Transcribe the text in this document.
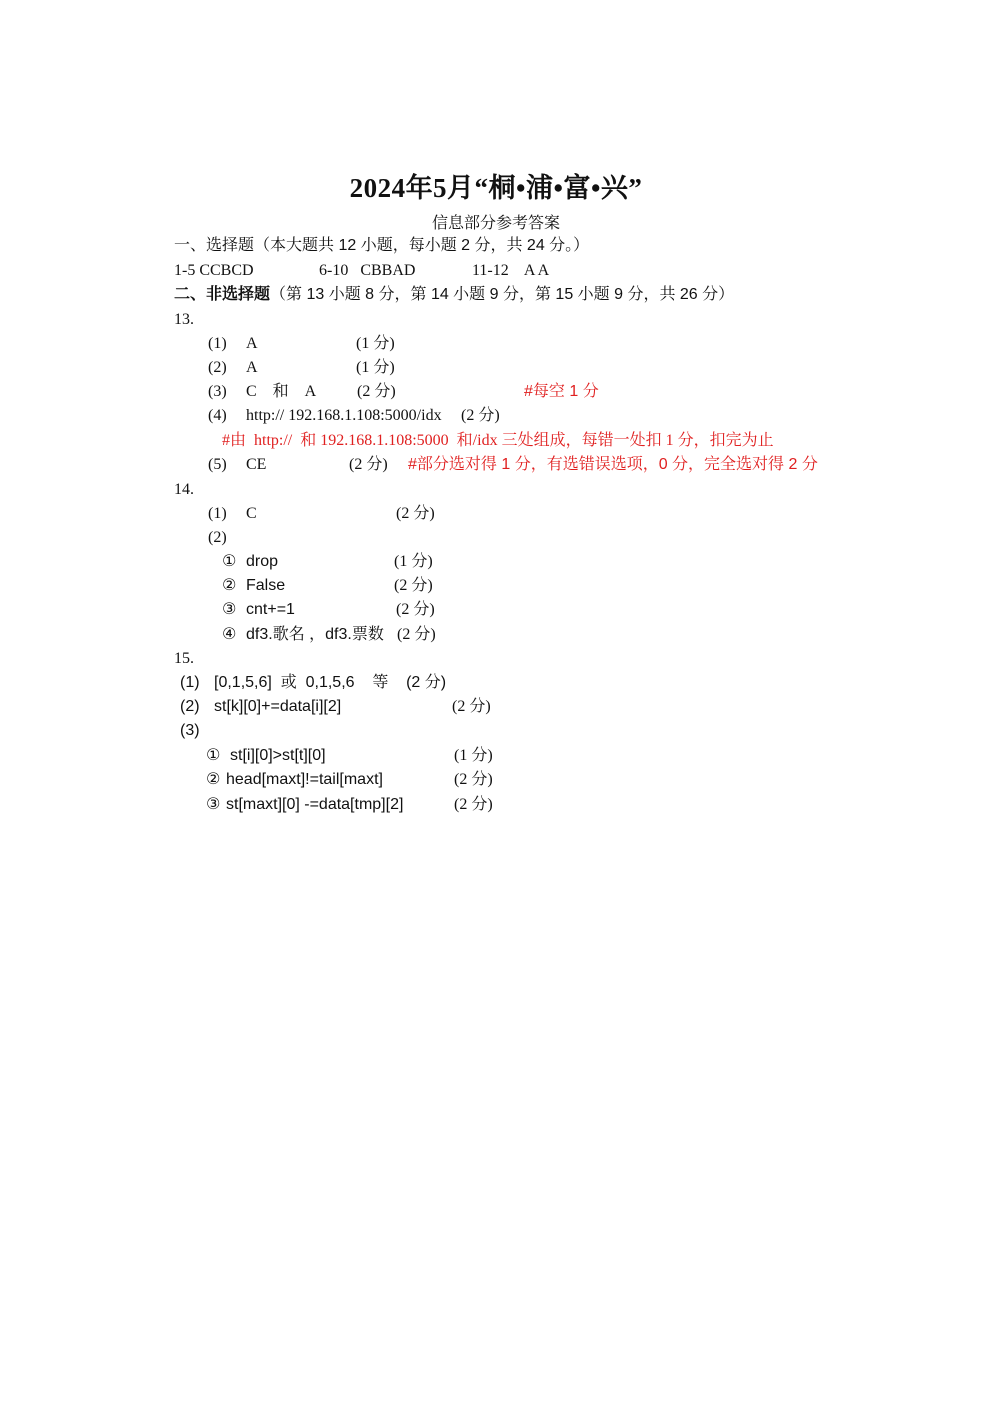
2024年5月“桐•浦•富•兴”
信息部分参考答案
一、选择题（本大题共 12 小题，每小题 2 分，共 24 分。）
1-5 CCBCD	6-10   CBBAD	11-12    A A
二、非选择题（第 13 小题 8 分，第 14 小题 9 分，第 15 小题 9 分，共 26 分）
13.
(1) A	(1 分)
(2) A	(1 分)
(3) C    和    A	(2 分)	#每空 1 分
(4) http:// 192.168.1.108:5000/idx (2 分)
#由  http://  和 192.168.1.108:5000  和/idx 三处组成，每错一处扣 1 分，扣完为止
(5) CE	(2 分) #部分选对得 1 分，有选错误选项，0 分，完全选对得 2 分
14.
(1) C	(2 分)
(2)
① drop	(1 分)
② False	(2 分)
③ cnt+=1	(2 分)
④ df3.歌名 ，df3.票数 (2 分)
15.
(1) [0,1,5,6]  或  0,1,5,6    等    (2 分)
(2) st[k][0]+=data[i][2]	(2 分)
(3)
① st[i][0]>st[t][0]	(1 分)
② head[maxt]!=tail[maxt]	(2 分)
③ st[maxt][0] -=data[tmp][2]	(2 分)
